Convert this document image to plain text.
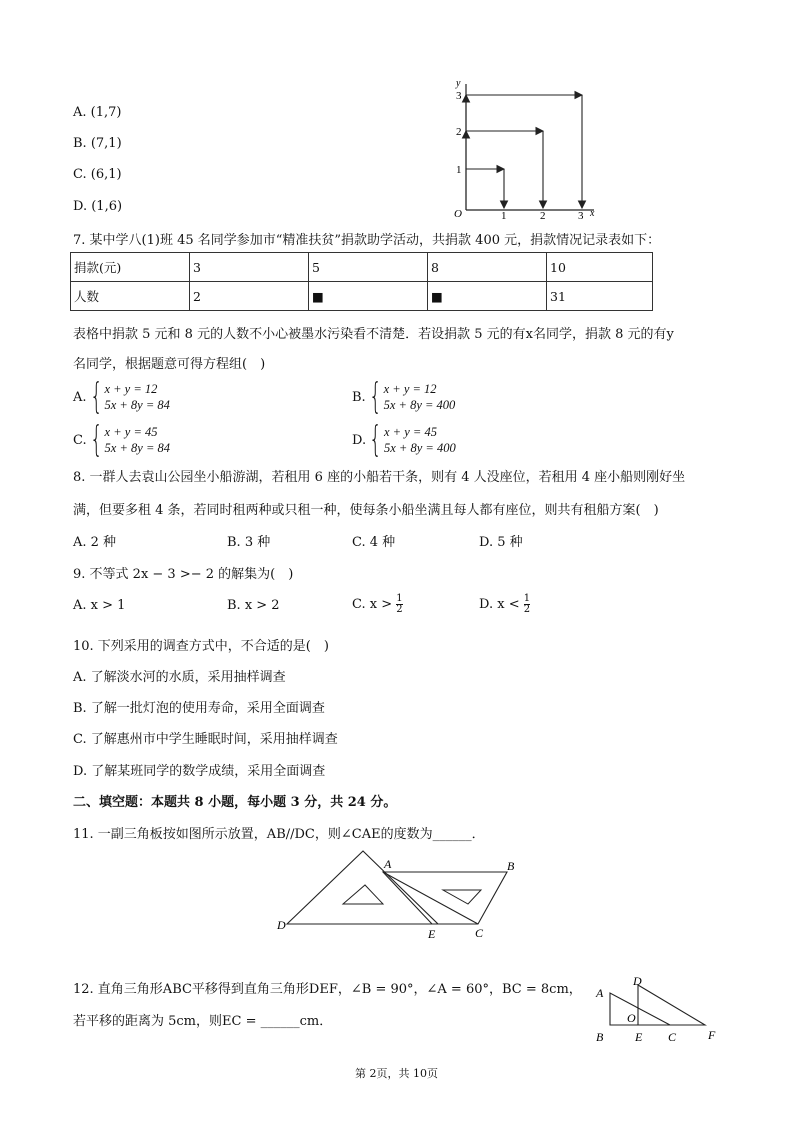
A. (1,7)
B. (7,1)
C. (6,1)
D. (1,6)
y
x
O	1	2	3
1
2
3
7. 某中学八(1)班 45 名同学参加市“精准扶贫”捐款助学活动，共捐款 400 元，捐款情况记录表如下：
捐款(元)	3	5	8	10
人数	2	■	■	31
表格中捐款 5 元和 8 元的人数不小心被墨水污染看不清楚．若设捐款 5 元的有x名同学，捐款 8 元的有y
名同学，根据题意可得方程组(　)
A. { x + y = 12
5x + 8y = 84
B. { x + y = 12
5x + 8y = 400
C. { x + y = 45
5x + 8y = 84
D. { x + y = 45
5x + 8y = 400
8. 一群人去袁山公园坐小船游湖，若租用 6 座的小船若干条，则有 4 人没座位，若租用 4 座小船则刚好坐
满，但要多租 4 条，若同时租两种或只租一种，使每条小船坐满且每人都有座位，则共有租船方案(　)
A. 2 种	B. 3 种	C. 4 种	D. 5 种
9. 不等式 2x − 3 >− 2 的解集为(　)
A. x > 1	B. x > 2	C. $x > \frac{1}{2}$	D. $x < \frac{1}{2}$
10. 下列采用的调查方式中，不合适的是(　)
A. 了解淡水河的水质，采用抽样调查
B. 了解一批灯泡的使用寿命，采用全面调查
C. 了解惠州市中学生睡眠时间，采用抽样调查
D. 了解某班同学的数学成绩，采用全面调查
二、填空题：本题共 8 小题，每小题 3 分，共 24 分。
11. 一副三角板按如图所示放置，AB//DC，则∠CAE的度数为______．
A	B
C
D
E
12. 直角三角形ABC平移得到直角三角形DEF，∠B = 90°，∠A = 60°，BC = 8cm，
若平移的距离为 5cm，则EC = ______cm．
A
B	C
D
E	F
O
第 2页，共 10页
